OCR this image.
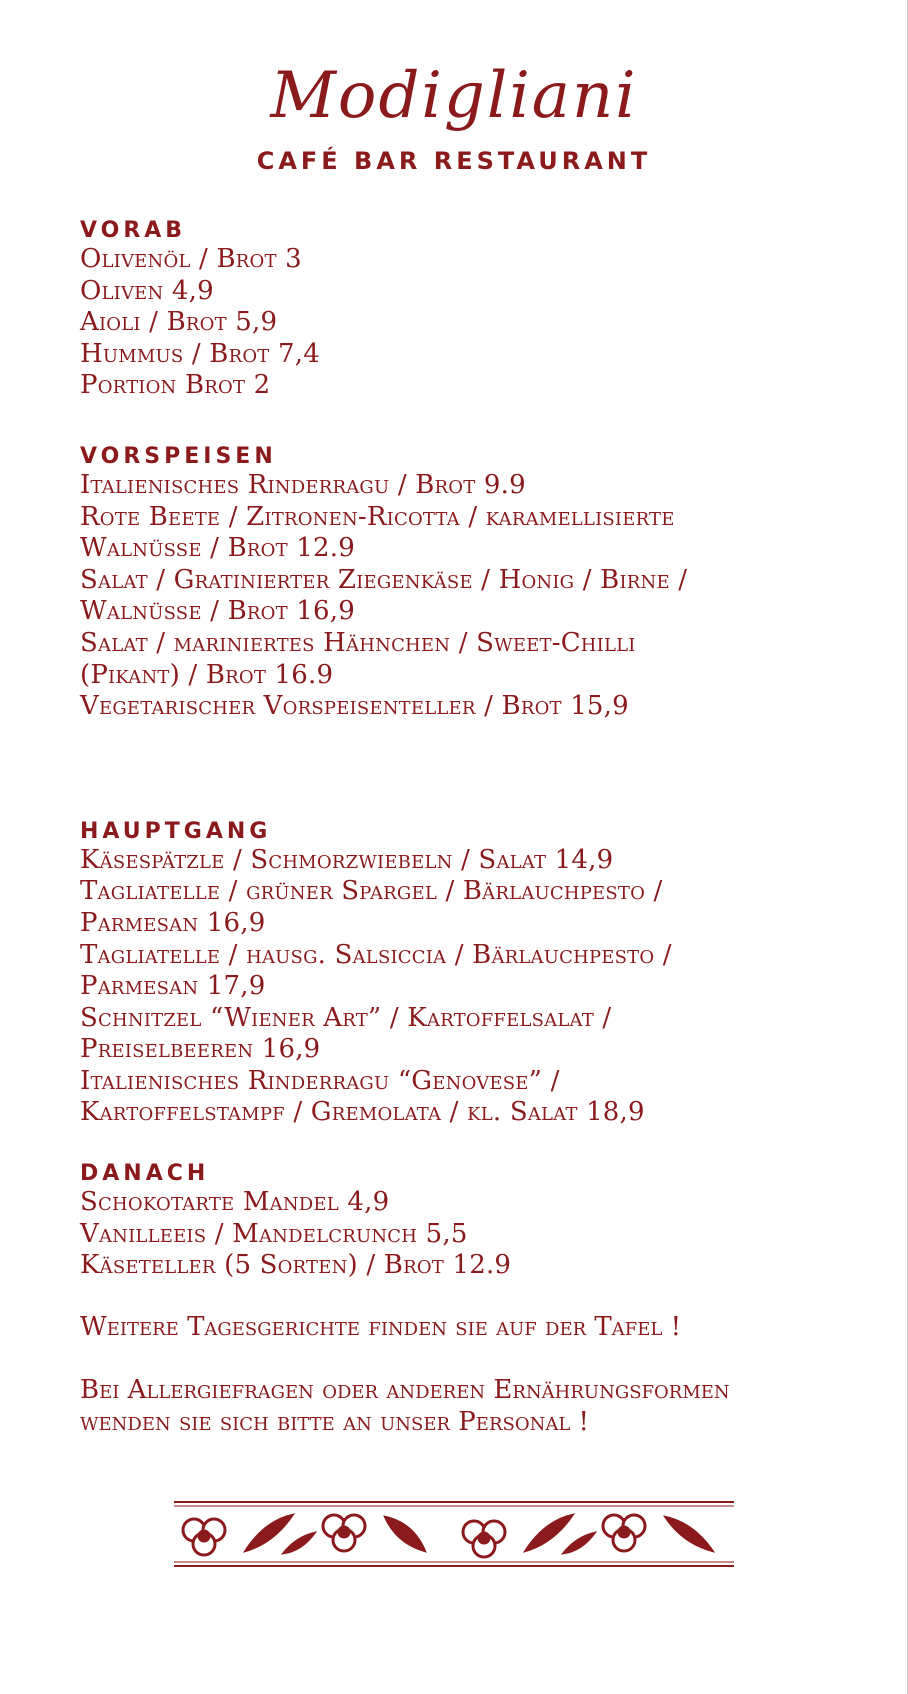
Modigliani
CAFÉ BAR RESTAURANT
VORAB

Olivenöl / Brot 3

Oliven 4,9

Aioli / Brot 5,9

Hummus / Brot 7,4

Portion Brot 2

VORSPEISEN

Italienisches Rinderragu / Brot 9.9

Rote Beete / Zitronen-Ricotta / karamellisierte

Walnüsse / Brot 12.9

Salat / Gratinierter Ziegenkäse / Honig / Birne /

Walnüsse / Brot 16,9

Salat / mariniertes Hähnchen / Sweet-Chilli

(Pikant) / Brot 16.9

Vegetarischer Vorspeisenteller / Brot 15,9

HAUPTGANG

Käsespätzle / Schmorzwiebeln / Salat 14,9

Tagliatelle / grüner Spargel / Bärlauchpesto /

Parmesan 16,9

Tagliatelle / hausg. Salsiccia / Bärlauchpesto /

Parmesan 17,9

Schnitzel “Wiener Art” / Kartoffelsalat /

Preiselbeeren 16,9

Italienisches Rinderragu “Genovese” /

Kartoffelstampf / Gremolata / kl. Salat 18,9

DANACH

Schokotarte Mandel 4,9

Vanilleeis / Mandelcrunch 5,5

Käseteller (5 Sorten) / Brot 12.9

Weitere Tagesgerichte finden sie auf der Tafel !

Bei Allergiefragen oder anderen Ernährungsformen
wenden sie sich bitte an unser Personal !
